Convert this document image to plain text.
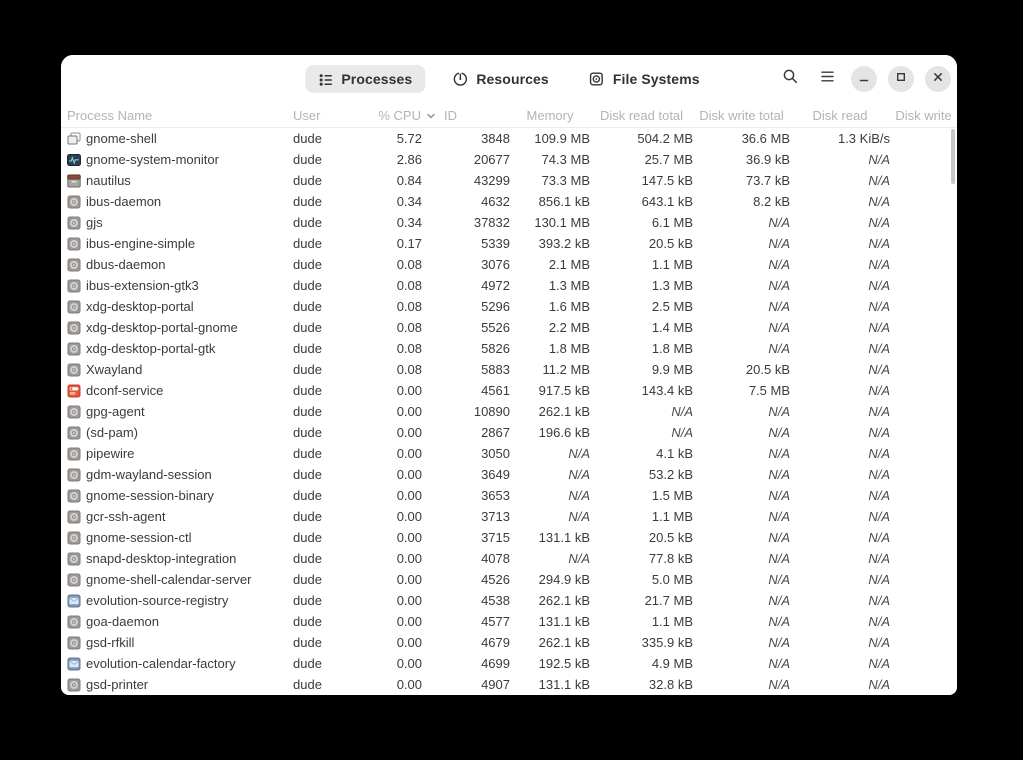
Processes	Resources	File Systems
Process Name	User	% CPU	ID	Memory	Disk read total	Disk write total	Disk read	Disk write
gnome-shell	dude	5.72	3848	109.9 MB	504.2 MB	36.6 MB	1.3 KiB/s
gnome-system-monitor	dude	2.86	20677	74.3 MB	25.7 MB	36.9 kB	N/A
nautilus	dude	0.84	43299	73.3 MB	147.5 kB	73.7 kB	N/A
ibus-daemon	dude	0.34	4632	856.1 kB	643.1 kB	8.2 kB	N/A
gjs	dude	0.34	37832	130.1 MB	6.1 MB	N/A	N/A
ibus-engine-simple	dude	0.17	5339	393.2 kB	20.5 kB	N/A	N/A
dbus-daemon	dude	0.08	3076	2.1 MB	1.1 MB	N/A	N/A
ibus-extension-gtk3	dude	0.08	4972	1.3 MB	1.3 MB	N/A	N/A
xdg-desktop-portal	dude	0.08	5296	1.6 MB	2.5 MB	N/A	N/A
xdg-desktop-portal-gnome	dude	0.08	5526	2.2 MB	1.4 MB	N/A	N/A
xdg-desktop-portal-gtk	dude	0.08	5826	1.8 MB	1.8 MB	N/A	N/A
Xwayland	dude	0.08	5883	11.2 MB	9.9 MB	20.5 kB	N/A
dconf-service	dude	0.00	4561	917.5 kB	143.4 kB	7.5 MB	N/A
gpg-agent	dude	0.00	10890	262.1 kB	N/A	N/A	N/A
(sd-pam)	dude	0.00	2867	196.6 kB	N/A	N/A	N/A
pipewire	dude	0.00	3050	N/A	4.1 kB	N/A	N/A
gdm-wayland-session	dude	0.00	3649	N/A	53.2 kB	N/A	N/A
gnome-session-binary	dude	0.00	3653	N/A	1.5 MB	N/A	N/A
gcr-ssh-agent	dude	0.00	3713	N/A	1.1 MB	N/A	N/A
gnome-session-ctl	dude	0.00	3715	131.1 kB	20.5 kB	N/A	N/A
snapd-desktop-integration	dude	0.00	4078	N/A	77.8 kB	N/A	N/A
gnome-shell-calendar-server	dude	0.00	4526	294.9 kB	5.0 MB	N/A	N/A
evolution-source-registry	dude	0.00	4538	262.1 kB	21.7 MB	N/A	N/A
goa-daemon	dude	0.00	4577	131.1 kB	1.1 MB	N/A	N/A
gsd-rfkill	dude	0.00	4679	262.1 kB	335.9 kB	N/A	N/A
evolution-calendar-factory	dude	0.00	4699	192.5 kB	4.9 MB	N/A	N/A
gsd-printer	dude	0.00	4907	131.1 kB	32.8 kB	N/A	N/A
